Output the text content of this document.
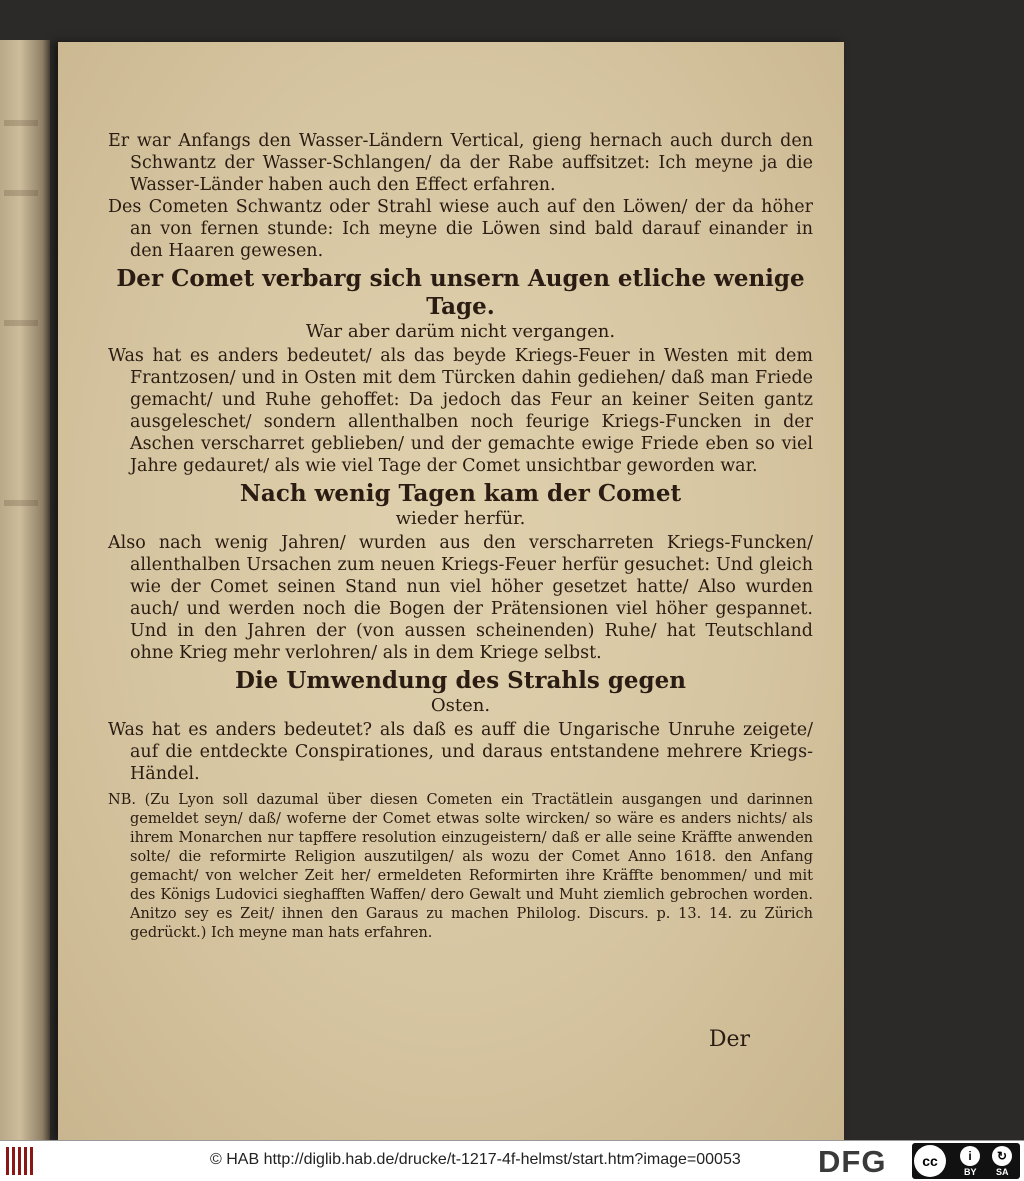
Er war Anfangs den Wasser-Ländern Vertical, gieng hernach auch durch den Schwantz der Wasser-Schlangen/ da der Rabe auffsitzet: Ich meyne ja die Wasser-Länder haben auch den Effect erfahren.

Des Cometen Schwantz oder Strahl wiese auch auf den Löwen/ der da höher an von fernen stunde: Ich meyne die Löwen sind bald darauf einander in den Haaren gewesen.

Der Comet verbarg sich unsern Augen etliche wenige Tage.

War aber darüm nicht vergangen.

Was hat es anders bedeutet/ als das beyde Kriegs-Feuer in Westen mit dem Frantzosen/ und in Osten mit dem Türcken dahin gediehen/ daß man Friede gemacht/ und Ruhe gehoffet: Da jedoch das Feur an keiner Seiten gantz ausgeleschet/ sondern allenthalben noch feurige Kriegs-Funcken in der Aschen verscharret geblieben/ und der gemachte ewige Friede eben so viel Jahre gedauret/ als wie viel Tage der Comet unsichtbar geworden war.

Nach wenig Tagen kam der Comet

wieder herfür.

Also nach wenig Jahren/ wurden aus den verscharreten Kriegs-Funcken/ allenthalben Ursachen zum neuen Kriegs-Feuer herfür gesuchet: Und gleich wie der Comet seinen Stand nun viel höher gesetzet hatte/ Also wurden auch/ und werden noch die Bogen der Prätensionen viel höher gespannet. Und in den Jahren der (von aussen scheinenden) Ruhe/ hat Teutschland ohne Krieg mehr verlohren/ als in dem Kriege selbst.

Die Umwendung des Strahls gegen

Osten.

Was hat es anders bedeutet? als daß es auff die Ungarische Unruhe zeigete/ auf die entdeckte Conspirationes, und daraus entstandene mehrere Kriegs-Händel.

NB. (Zu Lyon soll dazumal über diesen Cometen ein Tractätlein ausgangen und darinnen gemeldet seyn/ daß/ woferne der Comet etwas solte wircken/ so wäre es anders nichts/ als ihrem Monarchen nur tapffere resolution einzugeistern/ daß er alle seine Kräffte anwenden solte/ die reformirte Religion auszutilgen/ als wozu der Comet Anno 1618. den Anfang gemacht/ von welcher Zeit her/ ermeldeten Reformirten ihre Kräffte benommen/ und mit des Königs Ludovici sieghafften Waffen/ dero Gewalt und Muht ziemlich gebrochen worden. Anitzo sey es Zeit/ ihnen den Garaus zu machen Philolog. Discurs. p. 13. 14. zu Zürich gedrückt.) Ich meyne man hats erfahren.

Der
© HAB http://diglib.hab.de/drucke/t-1217-4f-helmst/start.htm?image=00053 DFG	cc	i	↻
BY SA
